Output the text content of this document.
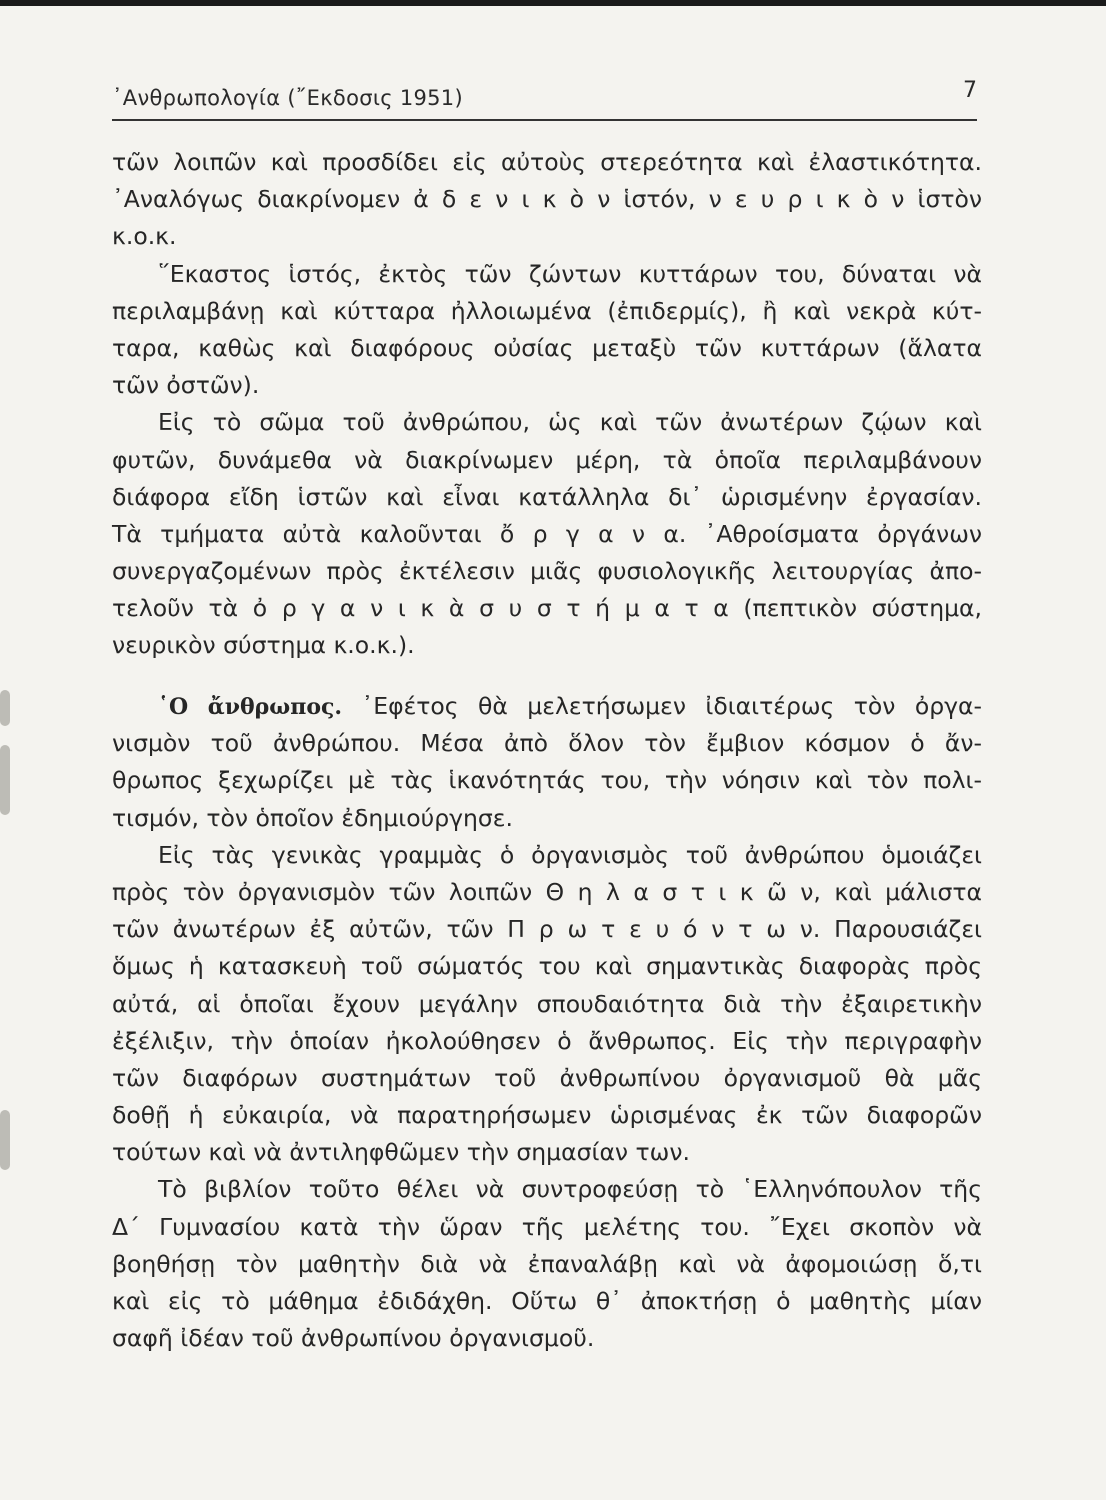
᾿Ανθρωπολογία (῎Εκδοσις 1951)	7
τῶν λοιπῶν καὶ προσδίδει εἰς αὐτοὺς στερεότητα καὶ ἐλαστικότητα.
᾿Αναλόγως διακρίνομεν ἀ δ ε ν ι κ ὸ ν ἱστόν, ν ε υ ρ ι κ ὸ ν ἱστὸν
κ.ο.κ.
῞Εκαστος ἱστός, ἐκτὸς τῶν ζώντων κυττάρων του, δύναται νὰ
περιλαμβάνῃ καὶ κύτταρα ἠλλοιωμένα (ἐπιδερμίς), ἢ καὶ νεκρὰ κύτ-
ταρα, καθὼς καὶ διαφόρους οὐσίας μεταξὺ τῶν κυττάρων (ἅλατα
τῶν ὀστῶν).
Εἰς τὸ σῶμα τοῦ ἀνθρώπου, ὡς καὶ τῶν ἀνωτέρων ζῴων καὶ
φυτῶν, δυνάμεθα νὰ διακρίνωμεν μέρη, τὰ ὁποῖα περιλαμβάνουν
διάφορα εἴδη ἱστῶν καὶ εἶναι κατάλληλα δι᾿ ὡρισμένην ἐργασίαν.
Τὰ τμήματα αὐτὰ καλοῦνται ὄ ρ γ α ν α. ᾿Αθροίσματα ὀργάνων
συνεργαζομένων πρὸς ἐκτέλεσιν μιᾶς φυσιολογικῆς λειτουργίας ἀπο-
τελοῦν τὰ ὀ ρ γ α ν ι κ ὰ σ υ σ τ ή μ α τ α (πεπτικὸν σύστημα,
νευρικὸν σύστημα κ.ο.κ.).
῾Ο ἄνθρωπος. ᾿Εφέτος θὰ μελετήσωμεν ἰδιαιτέρως τὸν ὀργα-
νισμὸν τοῦ ἀνθρώπου. Μέσα ἀπὸ ὅλον τὸν ἔμβιον κόσμον ὁ ἄν-
θρωπος ξεχωρίζει μὲ τὰς ἱκανότητάς του, τὴν νόησιν καὶ τὸν πολι-
τισμόν, τὸν ὁποῖον ἐδημιούργησε.
Εἰς τὰς γενικὰς γραμμὰς ὁ ὀργανισμὸς τοῦ ἀνθρώπου ὁμοιάζει
πρὸς τὸν ὀργανισμὸν τῶν λοιπῶν Θ η λ α σ τ ι κ ῶ ν, καὶ μάλιστα
τῶν ἀνωτέρων ἐξ αὐτῶν, τῶν Π ρ ω τ ε υ ό ν τ ω ν. Παρουσιάζει
ὅμως ἡ κατασκευὴ τοῦ σώματός του καὶ σημαντικὰς διαφορὰς πρὸς
αὐτά, αἱ ὁποῖαι ἔχουν μεγάλην σπουδαιότητα διὰ τὴν ἐξαιρετικὴν
ἐξέλιξιν, τὴν ὁποίαν ἠκολούθησεν ὁ ἄνθρωπος. Εἰς τὴν περιγραφὴν
τῶν διαφόρων συστημάτων τοῦ ἀνθρωπίνου ὀργανισμοῦ θὰ μᾶς
δοθῇ ἡ εὐκαιρία, νὰ παρατηρήσωμεν ὡρισμένας ἐκ τῶν διαφορῶν
τούτων καὶ νὰ ἀντιληφθῶμεν τὴν σημασίαν των.
Τὸ βιβλίον τοῦτο θέλει νὰ συντροφεύσῃ τὸ ῾Ελληνόπουλον τῆς
Δ΄ Γυμνασίου κατὰ τὴν ὥραν τῆς μελέτης του. ῎Εχει σκοπὸν νὰ
βοηθήσῃ τὸν μαθητὴν διὰ νὰ ἐπαναλάβῃ καὶ νὰ ἀφομοιώσῃ ὅ,τι
καὶ εἰς τὸ μάθημα ἐδιδάχθη. Οὕτω θ᾿ ἀποκτήσῃ ὁ μαθητὴς μίαν
σαφῆ ἰδέαν τοῦ ἀνθρωπίνου ὀργανισμοῦ.
